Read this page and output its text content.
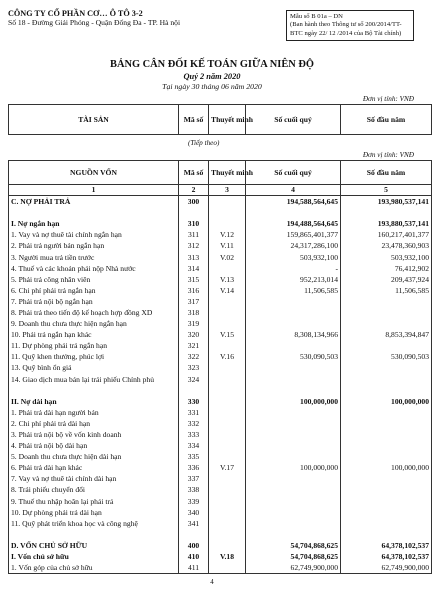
CÔNG TY CỔ PHẦN CƠ… Ô TÔ 3-2
Số 18 - Đường Giải Phóng - Quận Đống Đa - TP. Hà nội
Mẫu số B 01a – DN
(Ban hành theo Thông tư số 200/2014/TT-BTC ngày 22/ 12 /2014 của Bộ Tài chính)
BẢNG CÂN ĐỐI KẾ TOÁN GIỮA NIÊN ĐỘ
Quý 2 năm 2020
Tại ngày 30 tháng 06 năm 2020
Đơn vị tính: VNĐ
TÀI SẢN	Mã số	Thuyết minh	Số cuối quý	Số đầu năm
(Tiếp theo)
Đơn vị tính: VNĐ
NGUỒN VỐN	Mã số	Thuyết minh	Số cuối quý	Số đầu năm
1	2	3	4	5
C. NỢ PHẢI TRẢ	300		194,588,564,645	193,980,537,141

I. Nợ ngắn hạn	310		194,488,564,645	193,880,537,141
1. Vay và nợ thuê tài chính ngắn hạn	311	V.12	159,865,401,377	160,217,401,377
2. Phải trả người bán ngắn hạn	312	V.11	24,317,286,100	23,478,360,903
3. Người mua trả tiền trước	313	V.02	503,932,100	503,932,100
4. Thuế và các khoản phải nộp Nhà nước	314		-	76,412,902
5. Phải trả công nhân viên	315	V.13	952,213,014	209,437,924
6. Chi phí phải trả ngắn hạn	316	V.14	11,506,585	11,506,585
7. Phải trả nội bộ ngắn hạn	317			
8. Phải trả theo tiến độ kế hoạch hợp đồng XD	318			
9. Doanh thu chưa thực hiện ngắn hạn	319			
10. Phải trả ngắn hạn khác	320	V.15	8,308,134,966	8,853,394,847
11. Dự phòng phải trả ngắn hạn	321			
11. Quỹ khen thưởng, phúc lợi	322	V.16	530,090,503	530,090,503
13. Quỹ bình ổn giá	323			
14. Giao dịch mua bán lại trái phiếu Chính phủ	324			

II. Nợ dài hạn	330		100,000,000	100,000,000
1. Phải trả dài hạn người bán	331			
2. Chi phí phải trả dài hạn	332			
3. Phải trả nội bộ về vốn kinh doanh	333			
4. Phải trả nội bộ dài hạn	334			
5. Doanh thu chưa thực hiện dài hạn	335			
6. Phải trả dài hạn khác	336	V.17	100,000,000	100,000,000
7. Vay và nợ thuê tài chính dài hạn	337			
8. Trái phiếu chuyển đổi	338			
9. Thuế thu nhập hoãn lại phải trả	339			
10. Dự phòng phải trả dài hạn	340			
11. Quỹ phát triển khoa học và công nghệ	341			

D. VỐN CHỦ SỞ HỮU	400		54,704,868,625	64,378,102,537
I. Vốn chủ sở hữu	410	V.18	54,704,868,625	64,378,102,537
1. Vốn góp của chủ sở hữu	411		62,749,900,000	62,749,900,000
4
